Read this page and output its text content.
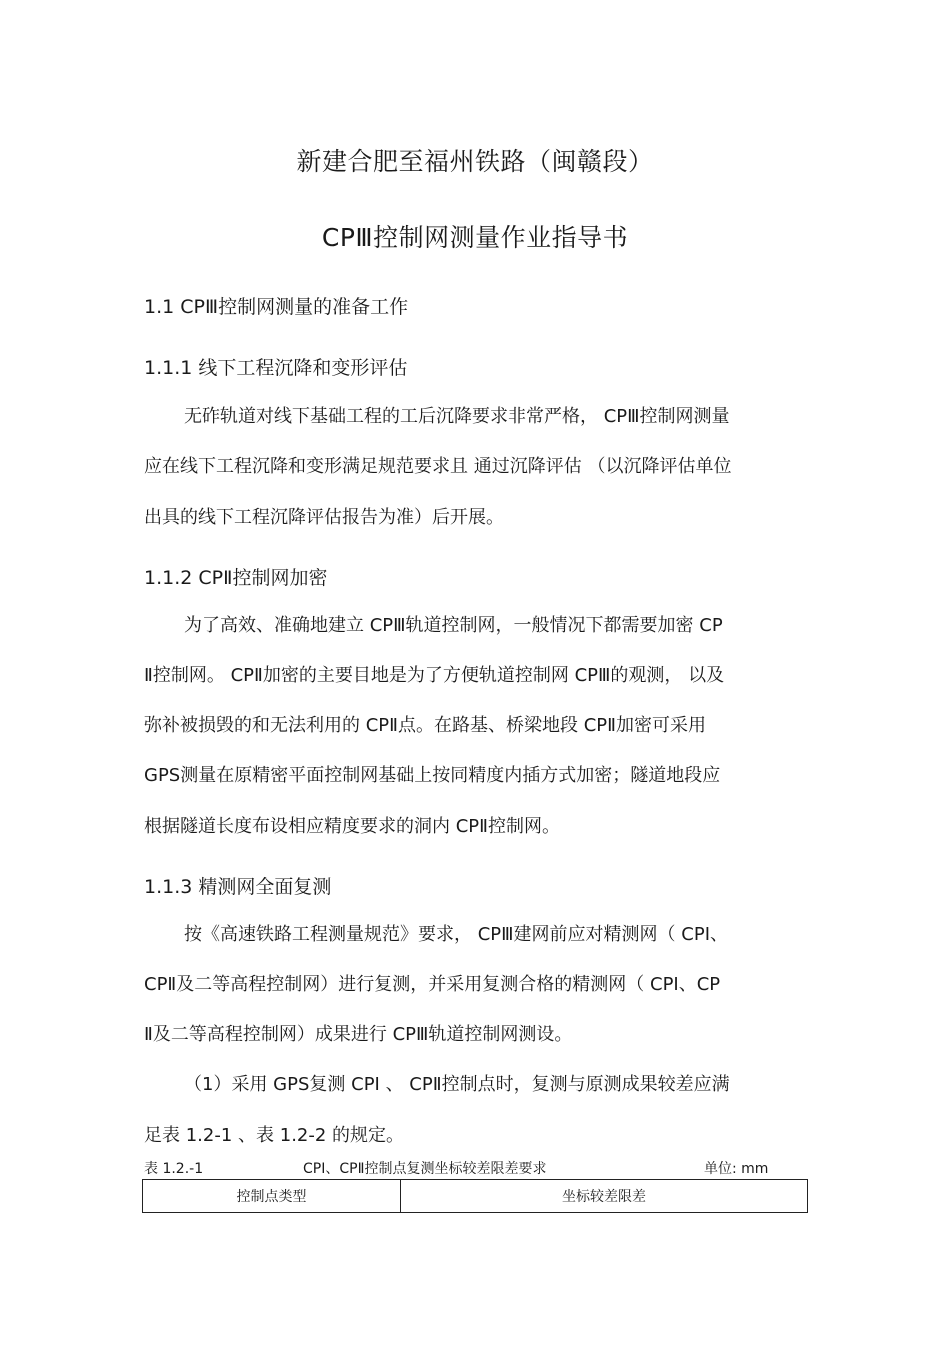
新建合肥至福州铁路（闽赣段）
CPⅢ控制网测量作业指导书
1.1 CPⅢ控制网测量的准备工作
1.1.1 线下工程沉降和变形评估
无砟轨道对线下基础工程的工后沉降要求非常严格， CPⅢ控制网测量
应在线下工程沉降和变形满足规范要求且 通过沉降评估 （以沉降评估单位
出具的线下工程沉降评估报告为准）后开展。
1.1.2 CPⅡ控制网加密
为了高效、准确地建立 CPⅢ轨道控制网，一般情况下都需要加密 CP
Ⅱ控制网。 CPⅡ加密的主要目地是为了方便轨道控制网 CPⅢ的观测， 以及
弥补被损毁的和无法利用的 CPⅡ点。在路基、桥梁地段 CPⅡ加密可采用
GPS测量在原精密平面控制网基础上按同精度内插方式加密；隧道地段应
根据隧道长度布设相应精度要求的洞内 CPⅡ控制网。
1.1.3 精测网全面复测
按《高速铁路工程测量规范》要求， CPⅢ建网前应对精测网（ CPⅠ、
CPⅡ及二等高程控制网）进行复测，并采用复测合格的精测网（ CPⅠ、CP
Ⅱ及二等高程控制网）成果进行 CPⅢ轨道控制网测设。
（1）采用 GPS复测 CPⅠ 、 CPⅡ控制点时，复测与原测成果较差应满
足表 1.2-1 、表 1.2-2 的规定。
表 1.2.-1	CPⅠ、CPⅡ控制点复测坐标较差限差要求	单位: mm
控制点类型	坐标较差限差
